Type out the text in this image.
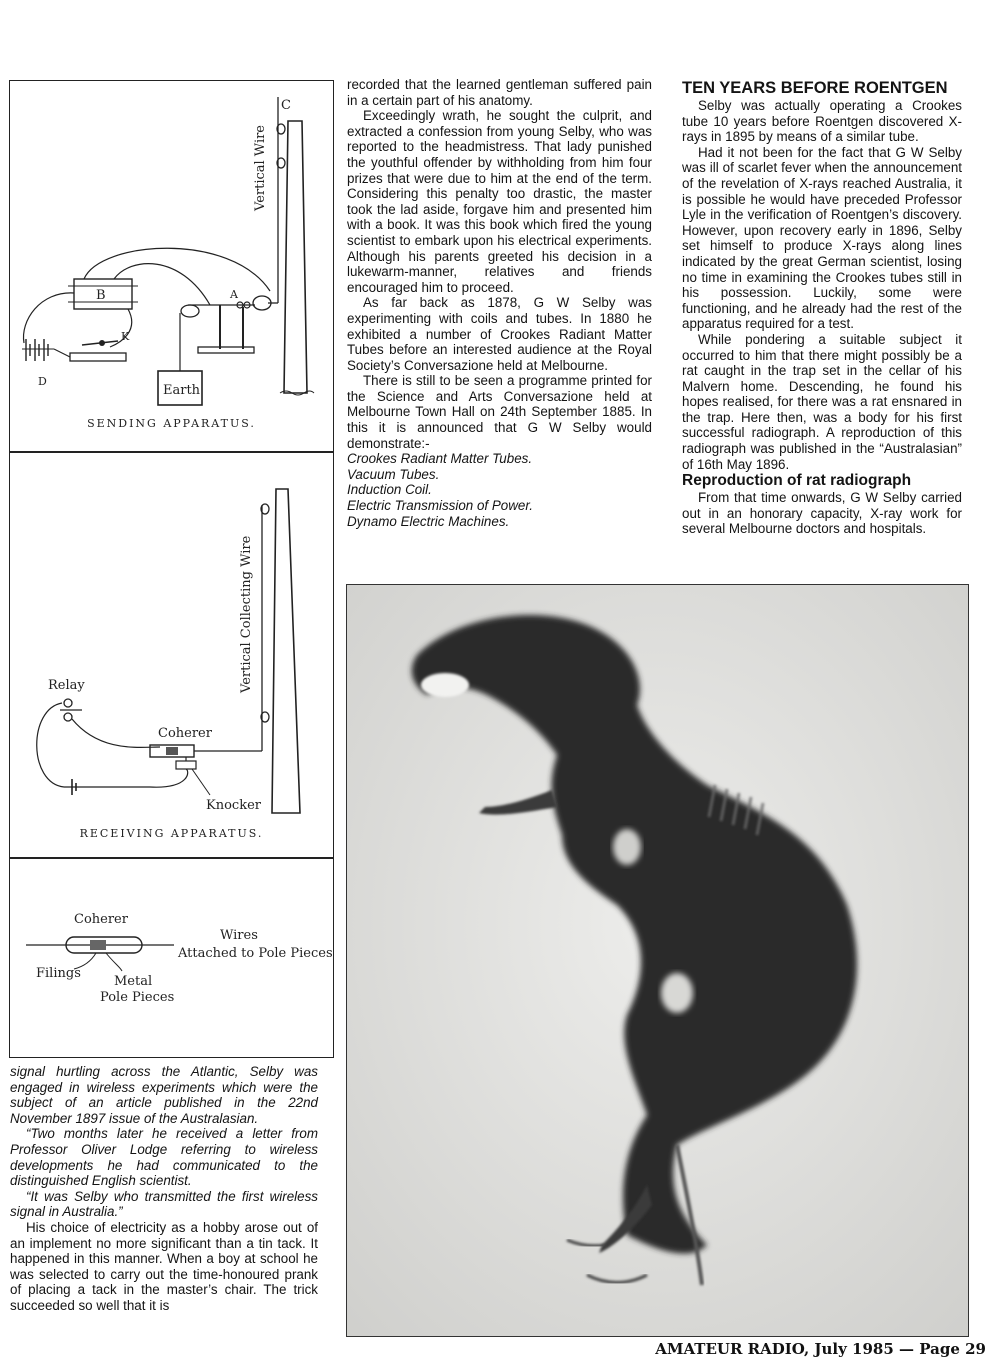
C
Vertical Wire
A
B
D
K
Earth
SENDING APPARATUS.
Vertical Collecting Wire
Relay
Coherer
Knocker
RECEIVING APPARATUS.
Coherer
Wires
Attached to Pole Pieces
Filings
Metal
Pole Pieces

signal hurtling across the Atlantic, Selby was engaged in wireless experiments which were the subject of an article published in the 22nd November 1897 issue of the Australasian.

“Two months later he received a letter from Professor Oliver Lodge referring to wireless developments he had communicated to the distinguished English scientist.

“It was Selby who transmitted the first wireless signal in Australia.”

His choice of electricity as a hobby arose out of an implement no more significant than a tin tack. It happened in this manner. When a boy at school he was selected to carry out the time-honoured prank of placing a tack in the master’s chair. The trick succeeded so well that it is

recorded that the learned gentleman suffered pain in a certain part of his anatomy.

Exceedingly wrath, he sought the culprit, and extracted a confession from young Selby, who was reported to the headmistress. That lady punished the youthful offender by withholding from him four prizes that were due to him at the end of the term. Considering this penalty too drastic, the master took the lad aside, forgave him and presented him with a book. It was this book which fired the young scientist to embark upon his electrical experiments. Although his parents greeted his decision in a lukewarm-manner, relatives and friends encouraged him to proceed.

As far back as 1878, G W Selby was experimenting with coils and tubes. In 1880 he exhibited a number of Crookes Radiant Matter Tubes before an interested audience at the Royal Society’s Conversazione held at Melbourne.

There is still to be seen a programme printed for the Science and Arts Conversazione held at Melbourne Town Hall on 24th September 1885. In this it is announced that G W Selby would demonstrate:-

Crookes Radiant Matter Tubes.

Vacuum Tubes.

Induction Coil.

Electric Transmission of Power.

Dynamo Electric Machines.

TEN YEARS BEFORE ROENTGEN

Selby was actually operating a Crookes tube 10 years before Roentgen discovered X-rays in 1895 by means of a similar tube.

Had it not been for the fact that G W Selby was ill of scarlet fever when the announcement of the revelation of X-rays reached Australia, it is possible he would have preceded Professor Lyle in the verification of Roentgen’s discovery. However, upon recovery early in 1896, Selby set himself to produce X-rays along lines indicated by the great German scientist, losing no time in examining the Crookes tubes still in his possession. Luckily, some were functioning, and he already had the rest of the apparatus required for a test.

While pondering a suitable subject it occurred to him that there might possibly be a rat caught in the trap set in the cellar of his Malvern home. Descending, he found his hopes realised, for there was a rat ensnared in the trap. Here then, was a body for his first successful radiograph. A reproduction of this radiograph was published in the “Australasian” of 16th May 1896.

Reproduction of rat radiograph

From that time onwards, G W Selby carried out in an honorary capacity, X-ray work for several Melbourne doctors and hospitals.

AMATEUR RADIO, July 1985 — Page 29
